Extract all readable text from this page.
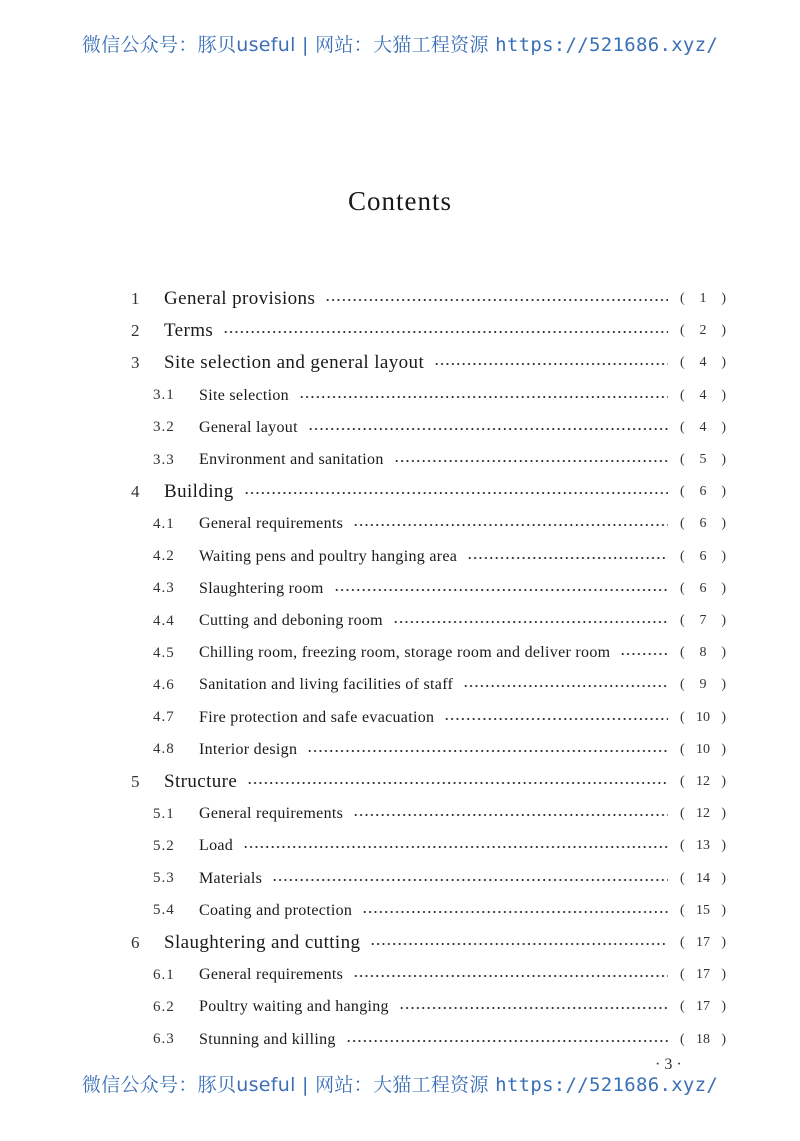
微信公众号：豚贝useful | 网站：大猫工程资源 https://521686.xyz/
Contents
1 General provisions	(	1	)
2 Terms	(	2	)
3 Site selection and general layout	(	4	)
3.1 Site selection	(	4	)
3.2 General layout	(	4	)
3.3 Environment and sanitation	(	5	)
4 Building	(	6	)
4.1 General requirements	(	6	)
4.2 Waiting pens and poultry hanging area	(	6	)
4.3 Slaughtering room	(	6	)
4.4 Cutting and deboning room	(	7	)
4.5 Chilling room, freezing room, storage room and deliver room	(	8	)
4.6 Sanitation and living facilities of staff	(	9	)
4.7 Fire protection and safe evacuation	( 10 )
4.8 Interior design	( 10 )
5 Structure	( 12 )
5.1 General requirements	( 12 )
5.2 Load	( 13 )
5.3 Materials	( 14 )
5.4 Coating and protection	( 15 )
6 Slaughtering and cutting	( 17 )
6.1 General requirements	( 17 )
6.2 Poultry waiting and hanging	( 17 )
6.3 Stunning and killing	( 18 )
· 3 ·
微信公众号：豚贝useful | 网站：大猫工程资源 https://521686.xyz/
